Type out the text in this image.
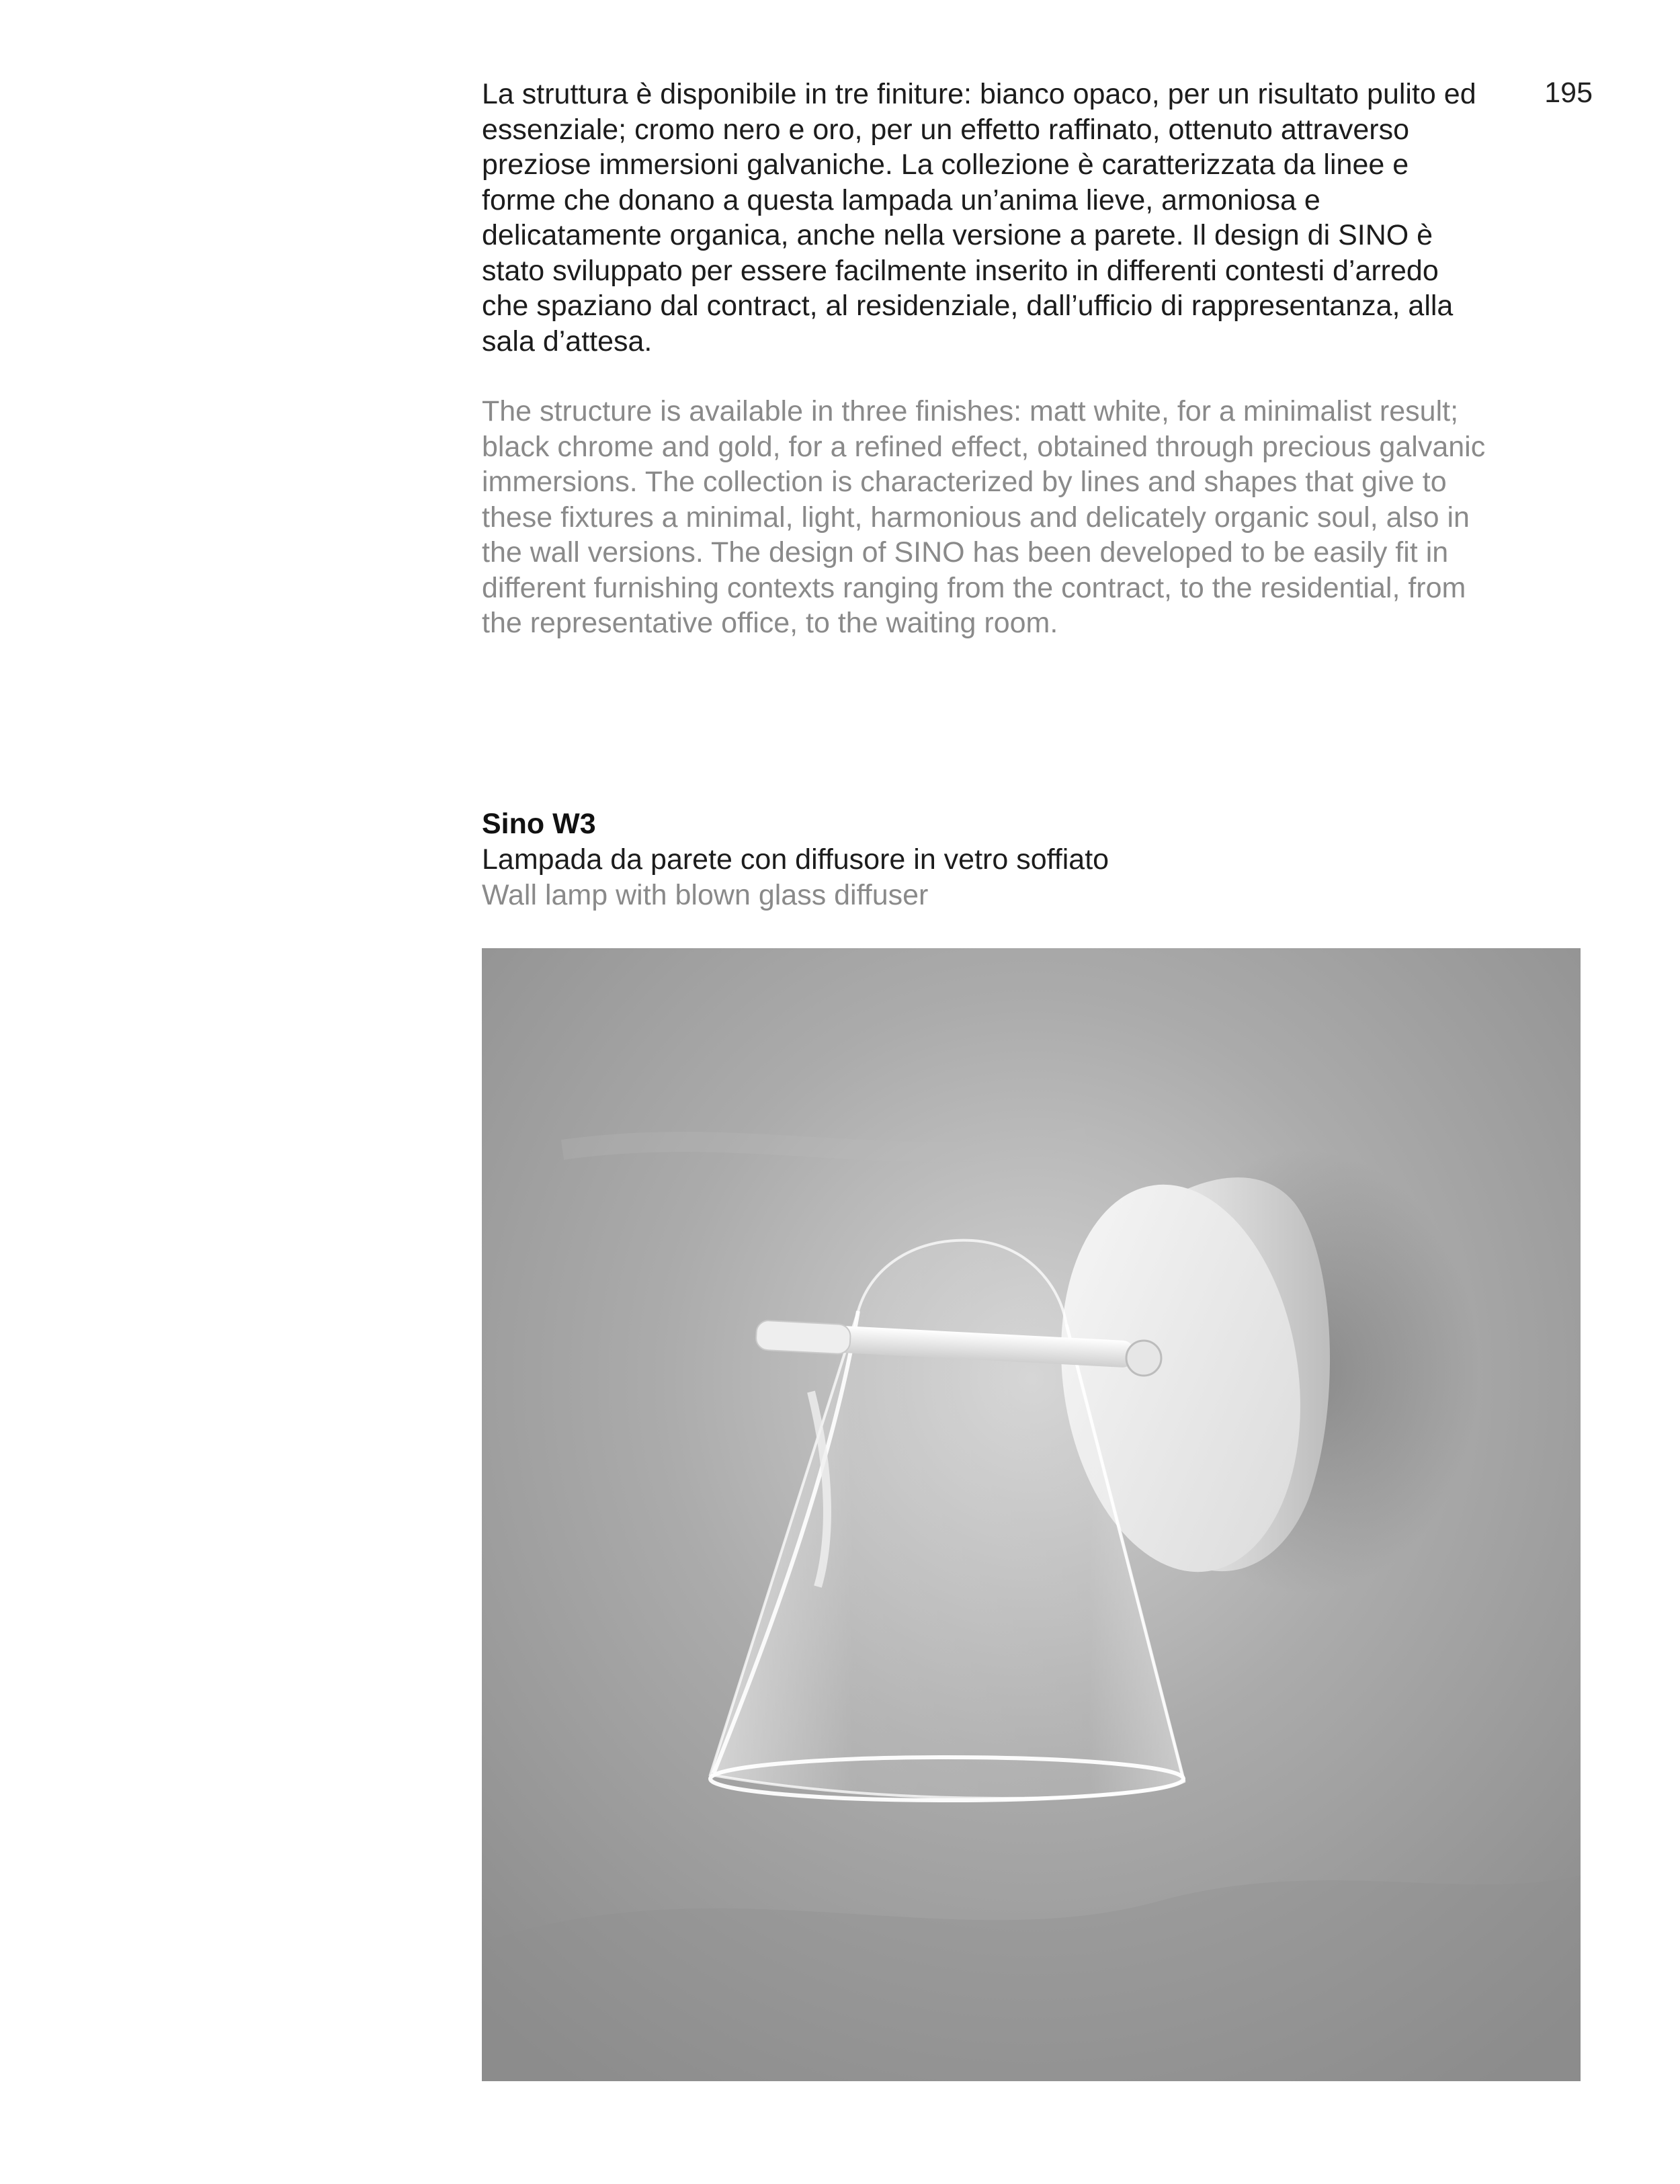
195

La struttura è disponibile in tre finiture: bianco opaco, per un risultato pulito ed essenziale; cromo nero e oro, per un effetto raffinato, ottenuto attraverso preziose immersioni galvaniche. La collezione è caratterizzata da linee e forme che donano a questa lampada un’anima lieve, armoniosa e delicatamente organica, anche nella versione a parete. Il design di SINO è stato sviluppato per essere facilmente inserito in differenti contesti d’arredo che spaziano dal contract, al residenziale, dall’ufficio di rappresentanza, alla sala d’attesa.

The structure is available in three finishes: matt white, for a minimalist result; black chrome and gold, for a refined effect, obtained through precious galvanic immersions. The collection is characterized by lines and shapes that give to these fixtures a minimal, light, harmonious and delicately organic soul, also in the wall versions. The design of SINO has been developed to be easily fit in different furnishing contexts ranging from the contract, to the residential, from the representative office, to the waiting room.

Sino W3

Lampada da parete con diffusore in vetro soffiato

Wall lamp with blown glass diffuser
